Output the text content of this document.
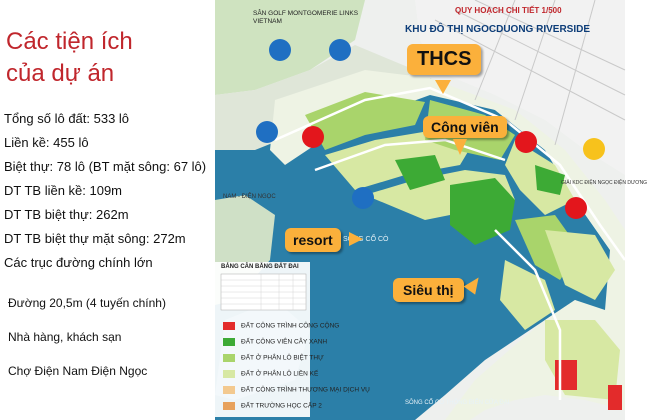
Các tiện ích
của dự án
Tổng số lô đất: 533 lô
Liền kề: 455 lô
Biệt thự: 78 lô (BT mặt sông: 67 lô)
DT TB liền kề: 109m
DT TB biệt thự: 262m
DT TB biệt thự mặt sông: 272m
Các trục đường chính lớn
Đường 20,5m (4 tuyến chính)
Nhà hàng, khách sạn
Chợ Điện Nam Điện Ngọc
QUY HOẠCH CHI TIẾT 1/500
KHU ĐÔ THỊ NGOCDUONG RIVERSIDE
SÂN GOLF MONTGOMERIE LINKS VIETNAM
NAM - ĐIỆN NGỌC
SÔNG CỔ CÒ
GIẢI KDC ĐIỆN NGỌC ĐIỆN DƯƠNG
SÔNG CỔ CÒ THÔNG BIỂN CỬA ĐẠI
THCS
Công viên
resort
Siêu thị
BẢNG CÂN BẰNG ĐẤT ĐAI
ĐẤT CÔNG TRÌNH CÔNG CỘNG
ĐẤT CÔNG VIÊN CÂY XANH
ĐẤT Ở PHÂN LÔ BIỆT THỰ
ĐẤT Ở PHÂN LÔ LIỀN KẾ
ĐẤT CÔNG TRÌNH THƯƠNG MẠI DỊCH VỤ
ĐẤT TRƯỜNG HỌC CẤP 2
